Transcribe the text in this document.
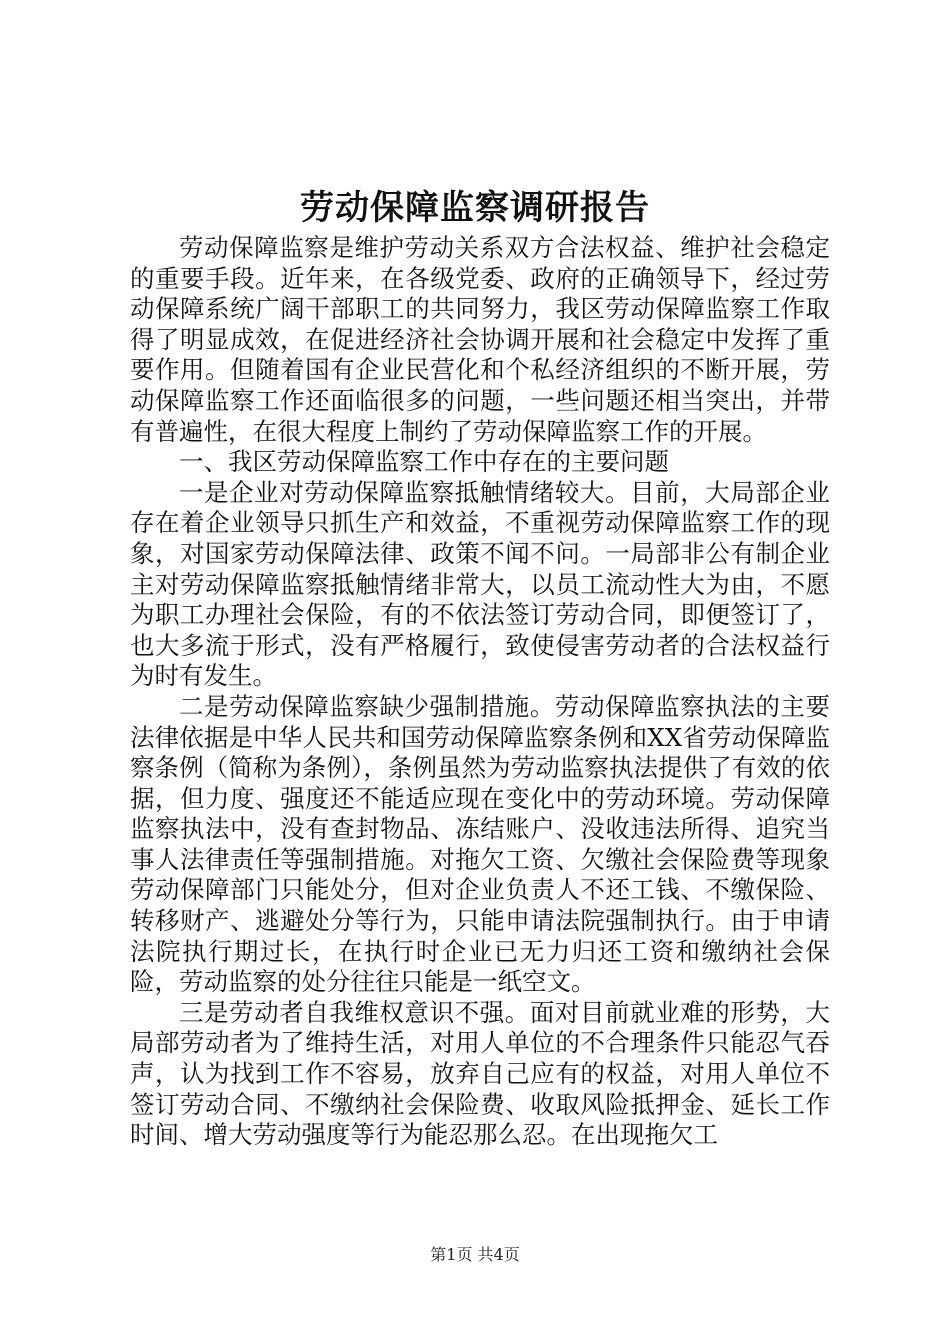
劳动保障监察调研报告

劳动保障监察是维护劳动关系双方合法权益、维护社会稳定的重要手段。近年来，在各级党委、政府的正确领导下，经过劳动保障系统广阔干部职工的共同努力，我区劳动保障监察工作取得了明显成效，在促进经济社会协调开展和社会稳定中发挥了重要作用。但随着国有企业民营化和个私经济组织的不断开展，劳动保障监察工作还面临很多的问题，一些问题还相当突出，并带有普遍性，在很大程度上制约了劳动保障监察工作的开展。

一、我区劳动保障监察工作中存在的主要问题

一是企业对劳动保障监察抵触情绪较大。目前，大局部企业存在着企业领导只抓生产和效益，不重视劳动保障监察工作的现象，对国家劳动保障法律、政策不闻不问。一局部非公有制企业主对劳动保障监察抵触情绪非常大，以员工流动性大为由，不愿为职工办理社会保险，有的不依法签订劳动合同，即便签订了，也大多流于形式，没有严格履行，致使侵害劳动者的合法权益行为时有发生。

二是劳动保障监察缺少强制措施。劳动保障监察执法的主要法律依据是中华人民共和国劳动保障监察条例和XX省劳动保障监察条例（简称为条例），条例虽然为劳动监察执法提供了有效的依据，但力度、强度还不能适应现在变化中的劳动环境。劳动保障监察执法中，没有查封物品、冻结账户、没收违法所得、追究当事人法律责任等强制措施。对拖欠工资、欠缴社会保险费等现象劳动保障部门只能处分，但对企业负责人不还工钱、不缴保险、转移财产、逃避处分等行为，只能申请法院强制执行。由于申请法院执行期过长，在执行时企业已无力归还工资和缴纳社会保险，劳动监察的处分往往只能是一纸空文。

三是劳动者自我维权意识不强。面对目前就业难的形势，大局部劳动者为了维持生活，对用人单位的不合理条件只能忍气吞声，认为找到工作不容易，放弃自己应有的权益，对用人单位不签订劳动合同、不缴纳社会保险费、收取风险抵押金、延长工作时间、增大劳动强度等行为能忍那么忍。在出现拖欠工

第1页 共4页
